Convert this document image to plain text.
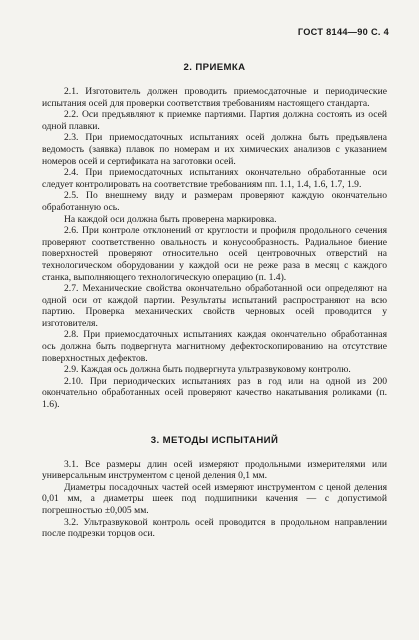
ГОСТ 8144—90 С. 4
2. ПРИЕМКА

2.1. Изготовитель должен проводить приемосдаточные и периодические испытания осей для проверки соответствия требованиям настоящего стандарта.

2.2. Оси предъявляют к приемке партиями. Партия должна состоять из осей одной плавки.

2.3. При приемосдаточных испытаниях осей должна быть предъявлена ведомость (заявка) плавок по номерам и их химических анализов с указанием номеров осей и сертификата на заготовки осей.

2.4. При приемосдаточных испытаниях окончательно обработанные оси следует контролировать на соответствие требованиям пп. 1.1, 1.4, 1.6, 1.7, 1.9.

2.5. По внешнему виду и размерам проверяют каждую окончательно обработанную ось.

На каждой оси должна быть проверена маркировка.

2.6. При контроле отклонений от круглости и профиля продольного сечения проверяют соответственно овальность и конусообразность. Радиальное биение поверхностей проверяют относительно осей центровочных отверстий на технологическом оборудовании у каждой оси не реже раза в месяц с каждого станка, выполняющего технологическую операцию (п. 1.4).

2.7. Механические свойства окончательно обработанной оси определяют на одной оси от каждой партии. Результаты испытаний распространяют на всю партию. Проверка механических свойств черновых осей проводится у изготовителя.

2.8. При приемосдаточных испытаниях каждая окончательно обработанная ось должна быть подвергнута магнитному дефектоскопированию на отсутствие поверхностных дефектов.

2.9. Каждая ось должна быть подвергнута ультразвуковому контролю.

2.10. При периодических испытаниях раз в год или на одной из 200 окончательно обработанных осей проверяют качество накатывания роликами (п. 1.6).

3. МЕТОДЫ ИСПЫТАНИЙ

3.1. Все размеры длин осей измеряют продольными измерителями или универсальным инструментом с ценой деления 0,1 мм.

Диаметры посадочных частей осей измеряют инструментом с ценой деления 0,01 мм, а диаметры шеек под подшипники качения — с допустимой погрешностью ±0,005 мм.

3.2. Ультразвуковой контроль осей проводится в продольном направлении после подрезки торцов оси.
